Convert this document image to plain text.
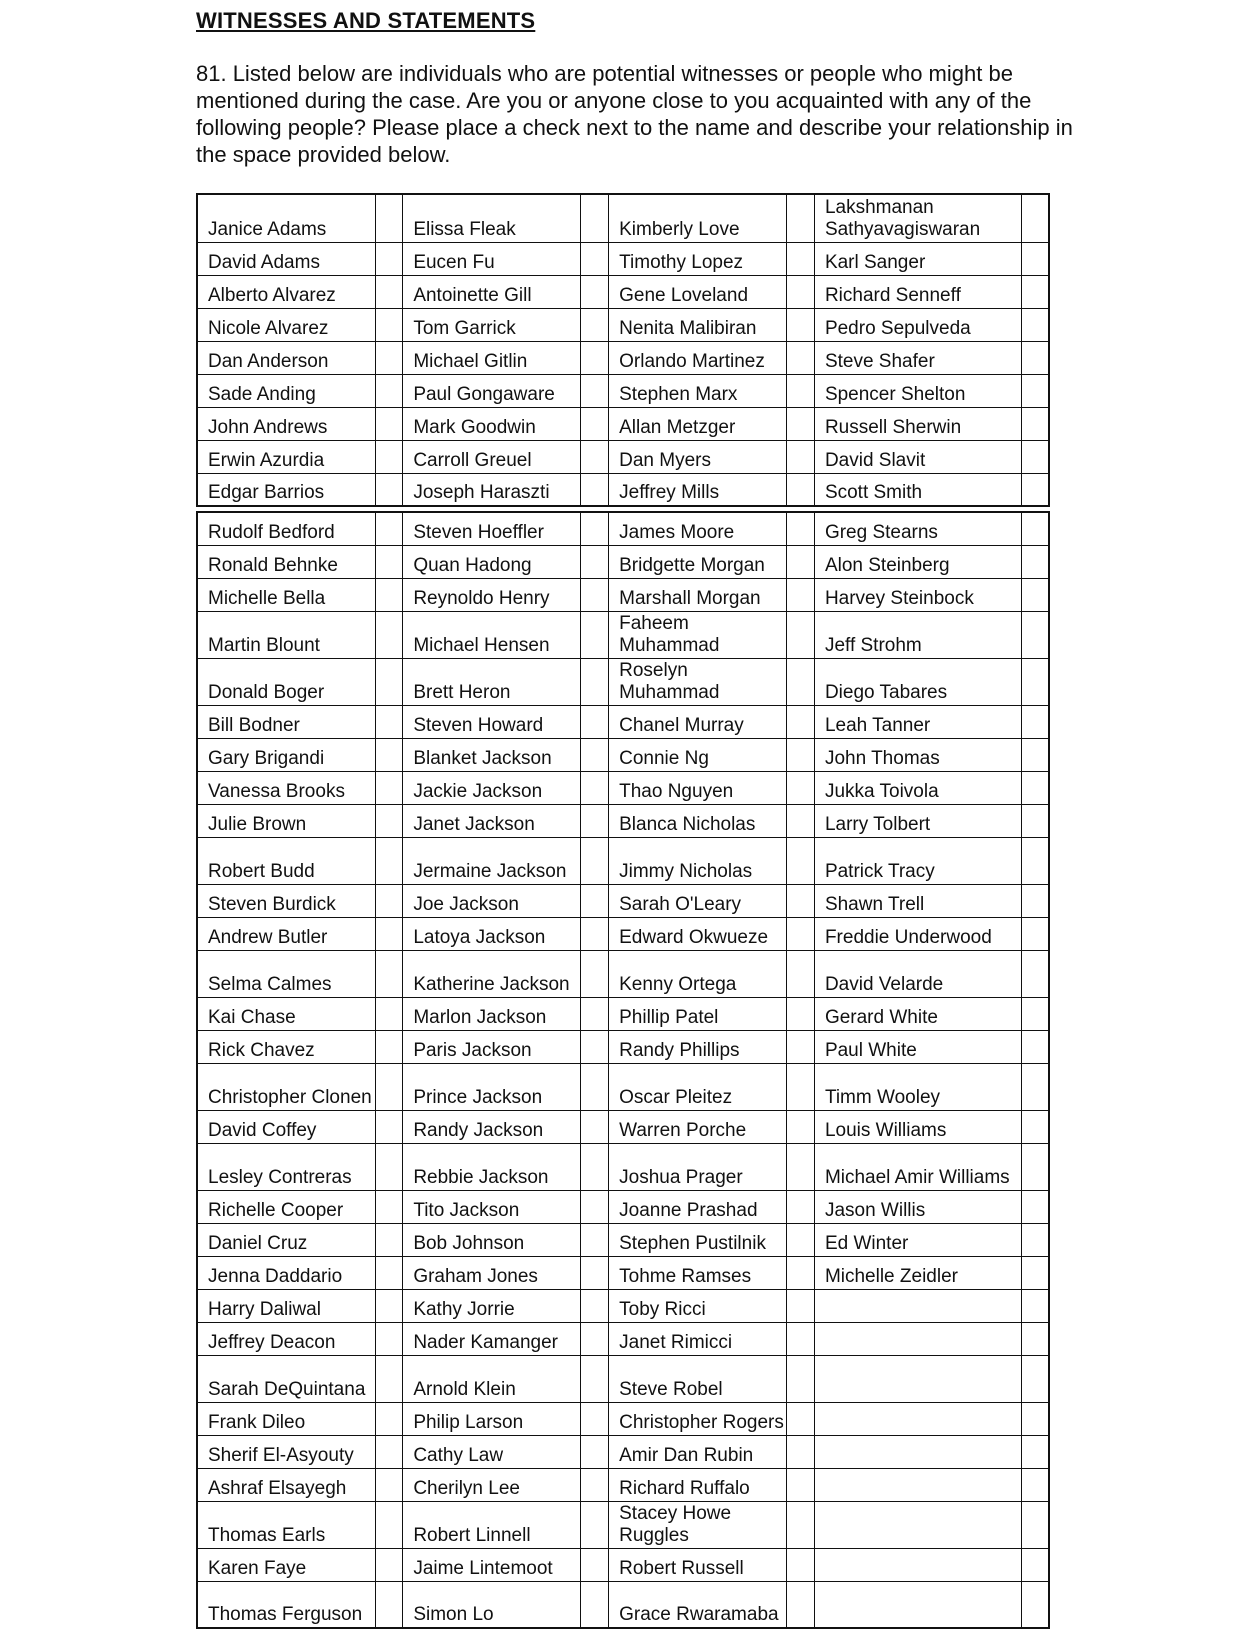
WITNESSES AND STATEMENTS

81. Listed below are individuals who are potential witnesses or people who might be mentioned during the case. Are you or anyone close to you acquainted with any of the following people? Please place a check next to the name and describe your relationship in the space provided below.

Janice Adams		Elissa Fleak		Kimberly Love		Lakshmanan Sathyavagiswaran	
David Adams		Eucen Fu		Timothy Lopez		Karl Sanger	
Alberto Alvarez		Antoinette Gill		Gene Loveland		Richard Senneff	
Nicole Alvarez		Tom Garrick		Nenita Malibiran		Pedro Sepulveda	
Dan Anderson		Michael Gitlin		Orlando Martinez		Steve Shafer	
Sade Anding		Paul Gongaware		Stephen Marx		Spencer Shelton	
John Andrews		Mark Goodwin		Allan Metzger		Russell Sherwin	
Erwin Azurdia		Carroll Greuel		Dan Myers		David Slavit	
Edgar Barrios		Joseph Haraszti		Jeffrey Mills		Scott Smith	
Rudolf Bedford		Steven Hoeffler		James Moore		Greg Stearns	
Ronald Behnke		Quan Hadong		Bridgette Morgan		Alon Steinberg	
Michelle Bella		Reynoldo Henry		Marshall Morgan		Harvey Steinbock	
Martin Blount		Michael Hensen		Faheem Muhammad		Jeff Strohm	
Donald Boger		Brett Heron		Roselyn Muhammad		Diego Tabares	
Bill Bodner		Steven Howard		Chanel Murray		Leah Tanner	
Gary Brigandi		Blanket Jackson		Connie Ng		John Thomas	
Vanessa Brooks		Jackie Jackson		Thao Nguyen		Jukka Toivola	
Julie Brown		Janet Jackson		Blanca Nicholas		Larry Tolbert	
Robert Budd		Jermaine Jackson		Jimmy Nicholas		Patrick Tracy	
Steven Burdick		Joe Jackson		Sarah O'Leary		Shawn Trell	
Andrew Butler		Latoya Jackson		Edward Okwueze		Freddie Underwood	
Selma Calmes		Katherine Jackson		Kenny Ortega		David Velarde	
Kai Chase		Marlon Jackson		Phillip Patel		Gerard White	
Rick Chavez		Paris Jackson		Randy Phillips		Paul White	
Christopher Clonen		Prince Jackson		Oscar Pleitez		Timm Wooley	
David Coffey		Randy Jackson		Warren Porche		Louis Williams	
Lesley Contreras		Rebbie Jackson		Joshua Prager		Michael Amir Williams	
Richelle Cooper		Tito Jackson		Joanne Prashad		Jason Willis	
Daniel Cruz		Bob Johnson		Stephen Pustilnik		Ed Winter	
Jenna Daddario		Graham Jones		Tohme Ramses		Michelle Zeidler	
Harry Daliwal		Kathy Jorrie		Toby Ricci			
Jeffrey Deacon		Nader Kamanger		Janet Rimicci			
Sarah DeQuintana		Arnold Klein		Steve Robel			
Frank Dileo		Philip Larson		Christopher Rogers			
Sherif El-Asyouty		Cathy Law		Amir Dan Rubin			
Ashraf Elsayegh		Cherilyn Lee		Richard Ruffalo			
Thomas Earls		Robert Linnell		Stacey Howe Ruggles			
Karen Faye		Jaime Lintemoot		Robert Russell			
Thomas Ferguson		Simon Lo		Grace Rwaramaba			
